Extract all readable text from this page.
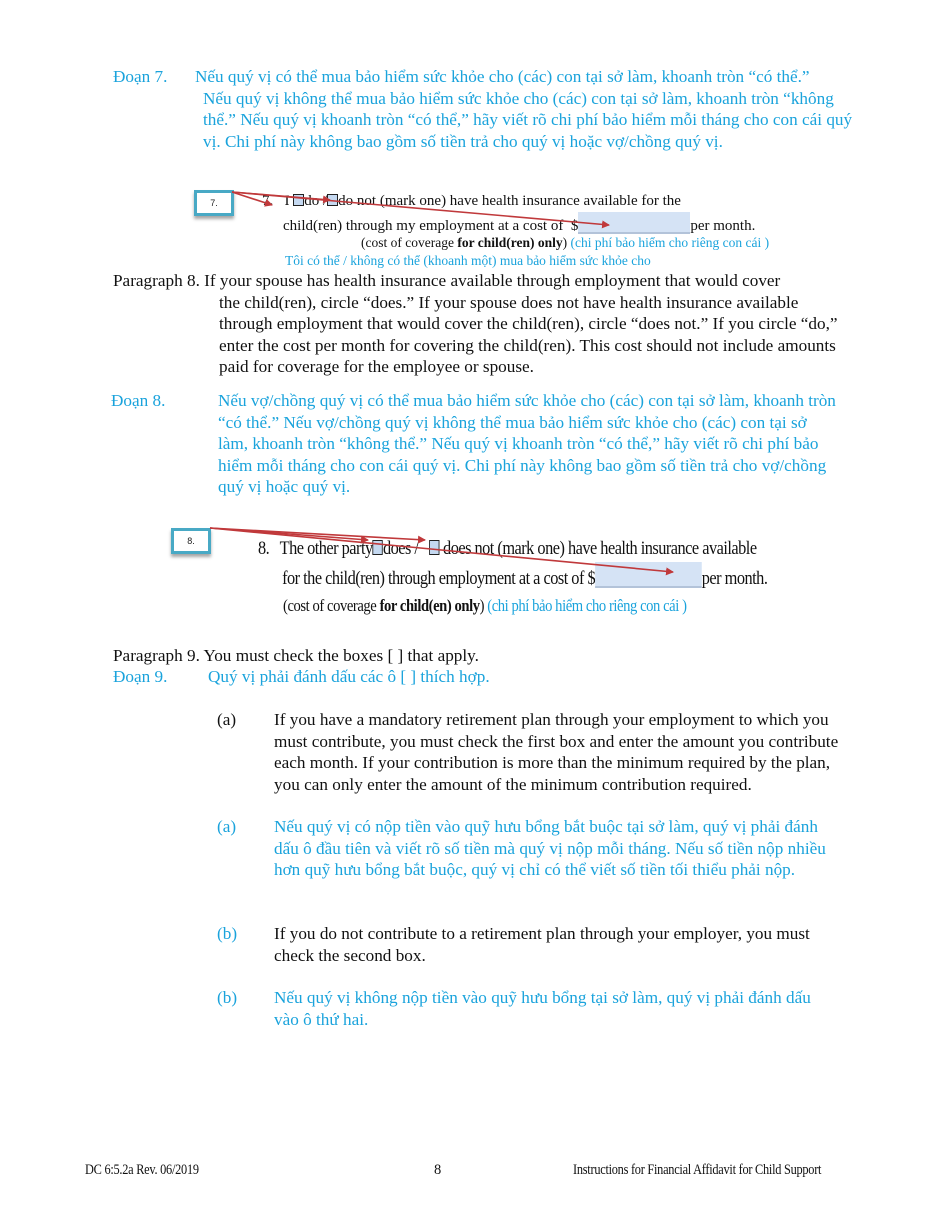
Đoạn 7. Nếu quý vị có thể mua bảo hiểm sức khỏe cho (các) con tại sở làm, khoanh tròn “có thể.”
Nếu quý vị không thể mua bảo hiểm sức khỏe cho (các) con tại sở làm, khoanh tròn “không thể.” Nếu quý vị khoanh tròn “có thể,” hãy viết rõ chi phí bảo hiểm mỗi tháng cho con cái quý vị. Chi phí này không bao gồm số tiền trả cho quý vị hoặc vợ/chồng quý vị.
7.	7. I do / do not (mark one) have health insurance available for the
child(ren) through my employment at a cost of $	per month.
(cost of coverage for child(ren) only) (chi phí bảo hiểm cho riêng con cái )
Tôi có thể / không có thể (khoanh một) mua bảo hiểm sức khỏe cho
Paragraph 8. If your spouse has health insurance available through employment that would cover
the child(ren), circle “does.” If your spouse does not have health insurance available through employment that would cover the child(ren), circle “does not.” If you circle “do,” enter the cost per month for covering the child(ren). This cost should not include amounts paid for coverage for the employee or spouse.
Đoạn 8.	Nếu vợ/chồng quý vị có thể mua bảo hiểm sức khỏe cho (các) con tại sở làm, khoanh tròn “có thể.” Nếu vợ/chồng quý vị không thể mua bảo hiểm sức khỏe cho (các) con tại sở làm, khoanh tròn “không thể.” Nếu quý vị khoanh tròn “có thể,” hãy viết rõ chi phí bảo hiểm mỗi tháng cho con cái quý vị. Chi phí này không bao gồm số tiền trả cho vợ/chồng quý vị hoặc quý vị.
8.	8. The other party does / does not (mark one) have health insurance available
for the child(ren) through employment at a cost of $	per month.
(cost of coverage for child(en) only) (chi phí bảo hiểm cho riêng con cái )
Paragraph 9. You must check the boxes [ ] that apply.
Đoạn 9. Quý vị phải đánh dấu các ô [ ] thích hợp.
(a) If you have a mandatory retirement plan through your employment to which you must contribute, you must check the first box and enter the amount you contribute each month. If your contribution is more than the minimum required by the plan, you can only enter the amount of the minimum contribution required.
(a) Nếu quý vị có nộp tiền vào quỹ hưu bổng bắt buộc tại sở làm, quý vị phải đánh dấu ô đầu tiên và viết rõ số tiền mà quý vị nộp mỗi tháng. Nếu số tiền nộp nhiều hơn quỹ hưu bổng bắt buộc, quý vị chỉ có thể viết số tiền tối thiểu phải nộp.
(b) If you do not contribute to a retirement plan through your employer, you must check the second box.
(b) Nếu quý vị không nộp tiền vào quỹ hưu bổng tại sở làm, quý vị phải đánh dấu vào ô thứ hai.
DC 6:5.2a Rev. 06/2019	8	Instructions for Financial Affidavit for Child Support
